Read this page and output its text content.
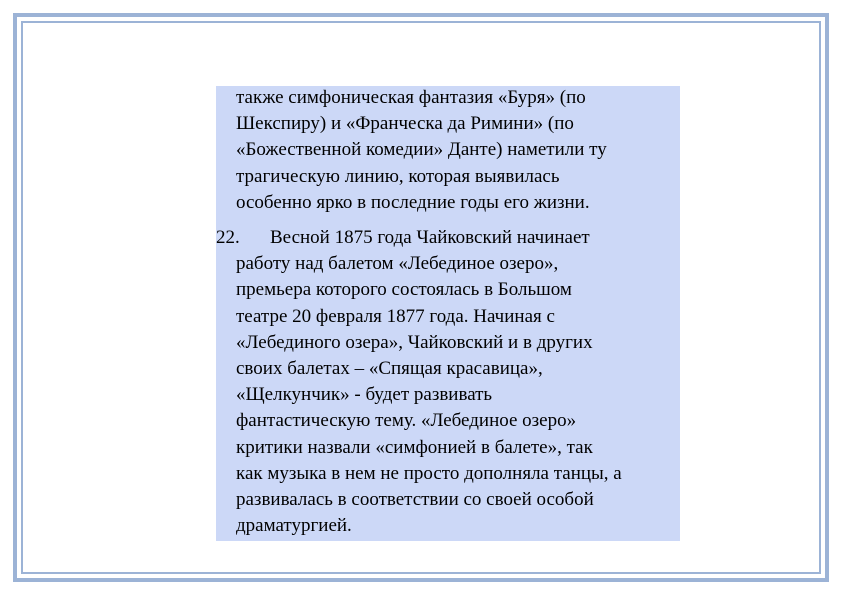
также симфоническая фантазия «Буря» (по
Шекспиру) и «Франческа да Римини» (по
«Божественной комедии» Данте) наметили ту
трагическую линию, которая выявилась
особенно ярко в последние годы его жизни.
22.	Весной 1875 года Чайковский начинает
работу над балетом «Лебединое озеро»,
премьера которого состоялась в Большом
театре 20 февраля 1877 года. Начиная с
«Лебединого озера», Чайковский и в других
своих балетах – «Спящая красавица»,
«Щелкунчик» - будет развивать
фантастическую тему. «Лебединое озеро»
критики назвали «симфонией в балете», так
как музыка в нем не просто дополняла танцы, а
развивалась в соответствии со своей особой
драматургией.
